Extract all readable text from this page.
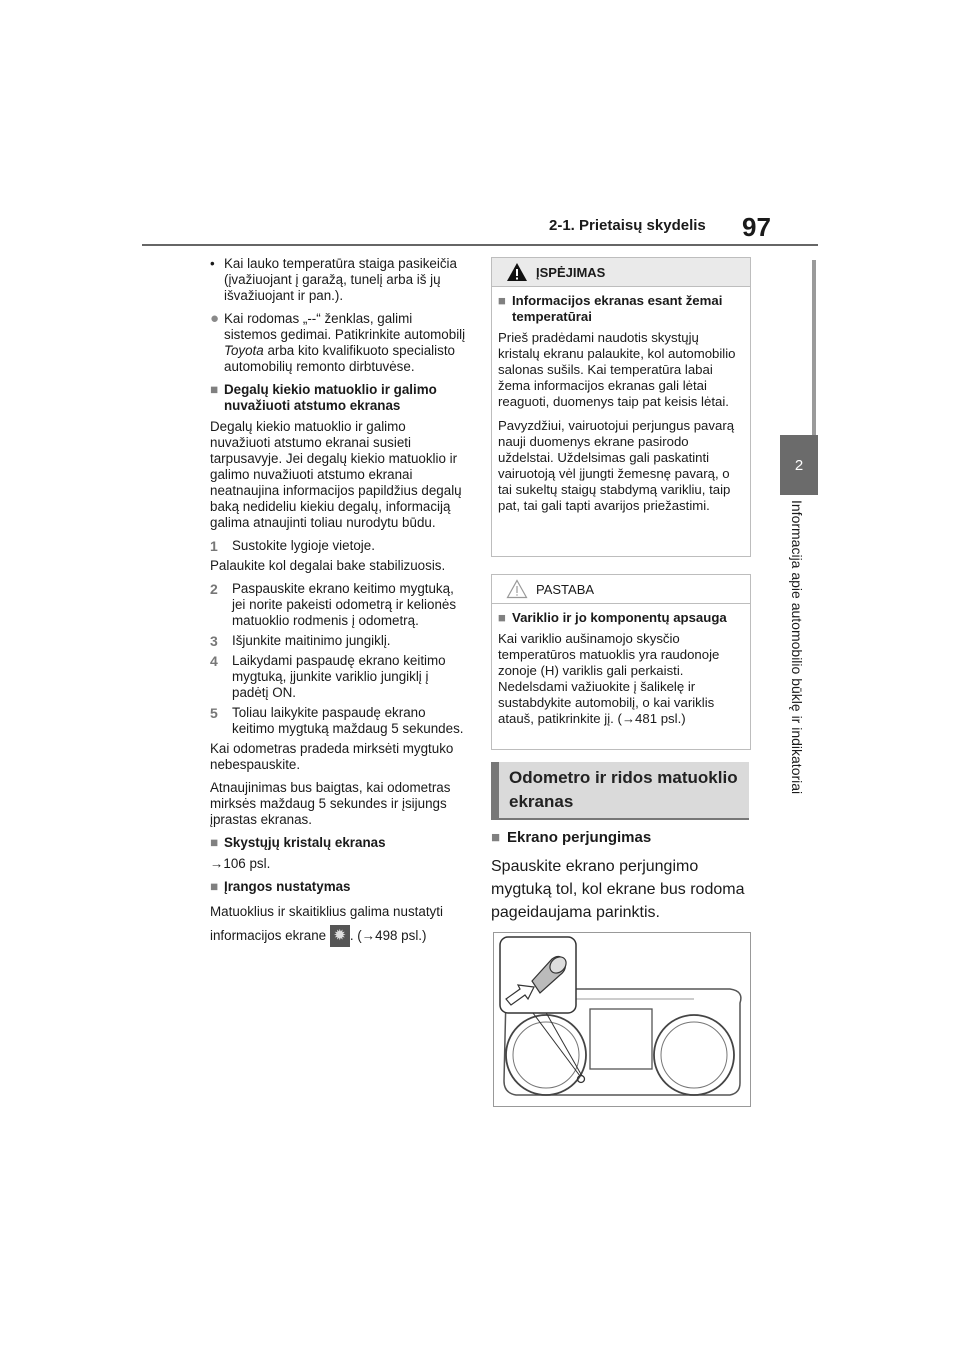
2-1. Prietaisų skydelis 97
2
Informacija apie automobilio būklę ir indikatoriai
• Kai lauko temperatūra staiga pasikeičia (įvažiuojant į garažą, tunelį arba iš jų išvažiuojant ir pan.).
● Kai rodomas „--“ ženklas, galimi sistemos gedimai. Patikrinkite automobilį Toyota arba kito kvalifikuoto specialisto automobilių remonto dirbtuvėse.
■ Degalų kiekio matuoklio ir galimo nuvažiuoti atstumo ekranas

Degalų kiekio matuoklio ir galimo nuvažiuoti atstumo ekranai susieti tarpusavyje. Jei degalų kiekio matuoklio ir galimo nuvažiuoti atstumo ekranai neatnaujina informacijos papildžius degalų baką nedideliu kiekiu degalų, informaciją galima atnaujinti toliau nurodytu būdu.

1	Sustokite lygioje vietoje.

Palaukite kol degalai bake stabilizuosis.

2	Paspauskite ekrano keitimo mygtuką, jei norite pakeisti odometrą ir kelionės matuoklio rodmenis į odometrą.
3	Išjunkite maitinimo jungiklį.
4	Laikydami paspaudę ekrano keitimo mygtuką, įjunkite variklio jungiklį į padėtį ON.
5	Toliau laikykite paspaudę ekrano keitimo mygtuką maždaug 5 sekundes.

Kai odometras pradeda mirksėti mygtuko nebespauskite.

Atnaujinimas bus baigtas, kai odometras mirksės maždaug 5 sekundes ir įsijungs įprastas ekranas.

■ Skystųjų kristalų ekranas

→106 psl.

■ Įrangos nustatymas

Matuoklius ir skaitiklius galima nustatyti informacijos ekrane ✹ . (→498 psl.)

ĮSPĖJIMAS
■ Informacijos ekranas esant žemai temperatūrai

Prieš pradėdami naudotis skystųjų kristalų ekranu palaukite, kol automobilio salonas sušils. Kai temperatūra labai žema informacijos ekranas gali lėtai reaguoti, duomenys taip pat keisis lėtai.

Pavyzdžiui, vairuotojui perjungus pavarą nauji duomenys ekrane pasirodo uždelstai. Uždelsimas gali paskatinti vairuotoją vėl įjungti žemesnę pavarą, o tai sukeltų staigų stabdymą varikliu, taip pat, tai gali tapti avarijos priežastimi.

PASTABA
■ Variklio ir jo komponentų apsauga

Kai variklio aušinamojo skysčio temperatūros matuoklis yra raudonoje zonoje (H) variklis gali perkaisti. Nedelsdami važiuokite į šalikelę ir sustabdykite automobilį, o kai variklis atauš, patikrinkite jį. (→481 psl.)

Odometro ir ridos matuoklio ekranas
■ Ekrano perjungimas

Spauskite ekrano perjungimo mygtuką tol, kol ekrane bus rodoma pageidaujama parinktis.
